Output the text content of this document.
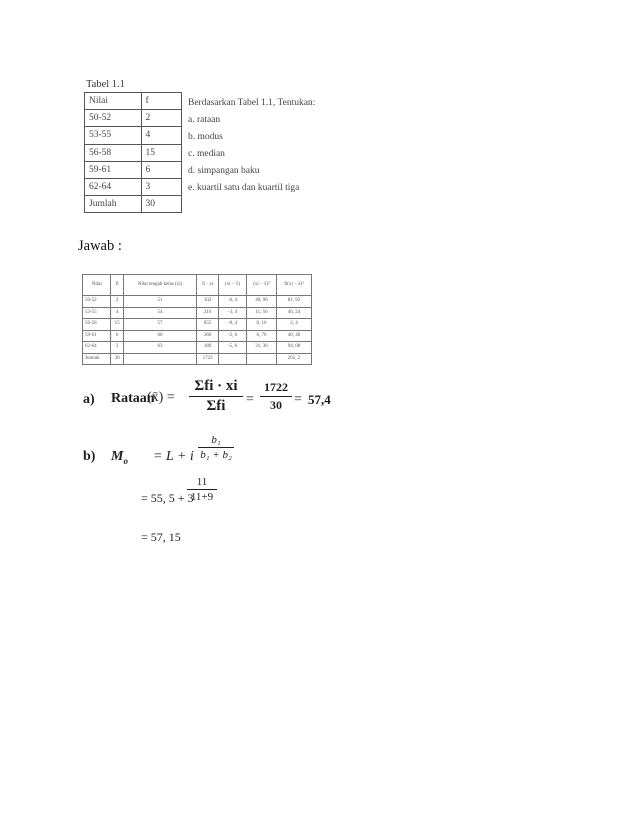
Tabel 1.1
Nilai	f
50-52	2
53-55	4
56-58	15
59-61	6
62-64	3
Jumlah	30
Berdasarkan Tabel 1.1, Tentukan:
a. rataan
b. modus
c. median
d. simpangan baku
e. kuartil satu dan kuartil tiga
Jawab :
Nilai	fi	Nilai tengah kelas (xi)	fi · xi	(xi − x̄)	(xi − x̄)²	fi(xi − x̄)²
50-52	2	51	102	-6, 4	40, 96	81, 92
53-55	4	54	216	-3, 4	11, 56	46, 24
56-58	15	57	855	-0, 4	0, 16	2, 4
59-61	6	60	360	-2, 6	6, 76	40, 46
62-64	3	63	189	-5, 6	31, 36	94, 08
Jumlah	30		1722			265, 2
a) Rataan
(x̄) =
Σfi · xi
Σfi	=
1722
30 = 57,4
b) $M_o = L + i$
b₁
b₁ + b₂
= 55, 5 + 3
11
11+9
= 57, 15
